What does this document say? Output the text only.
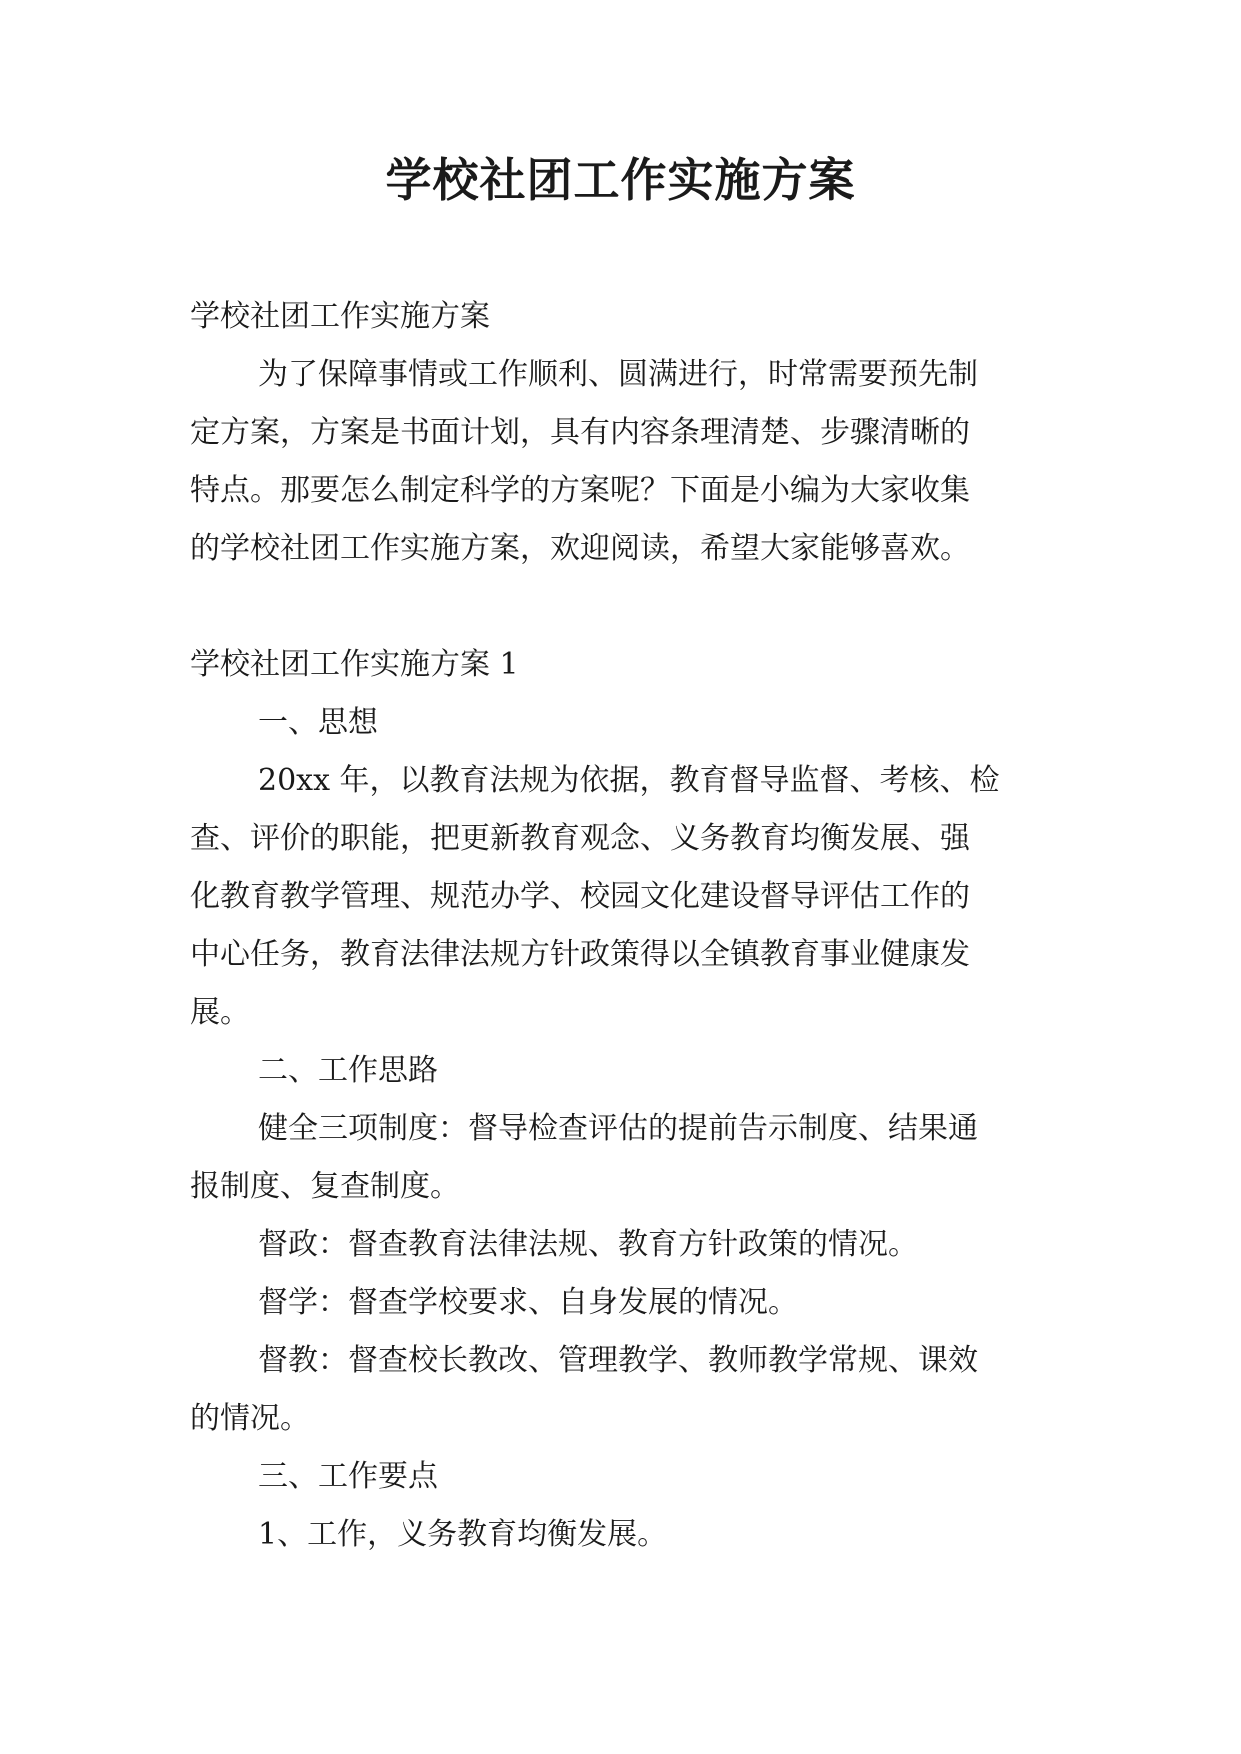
学校社团工作实施方案

学校社团工作实施方案

为了保障事情或工作顺利、圆满进行，时常需要预先制

定方案，方案是书面计划，具有内容条理清楚、步骤清晰的

特点。那要怎么制定科学的方案呢？下面是小编为大家收集

的学校社团工作实施方案，欢迎阅读，希望大家能够喜欢。

学校社团工作实施方案 1

一、思想

20xx 年，以教育法规为依据，教育督导监督、考核、检

查、评价的职能，把更新教育观念、义务教育均衡发展、强

化教育教学管理、规范办学、校园文化建设督导评估工作的

中心任务，教育法律法规方针政策得以全镇教育事业健康发

展。

二、工作思路

健全三项制度：督导检查评估的提前告示制度、结果通

报制度、复查制度。

督政：督查教育法律法规、教育方针政策的情况。

督学：督查学校要求、自身发展的情况。

督教：督查校长教改、管理教学、教师教学常规、课效

的情况。

三、工作要点

1、工作，义务教育均衡发展。
